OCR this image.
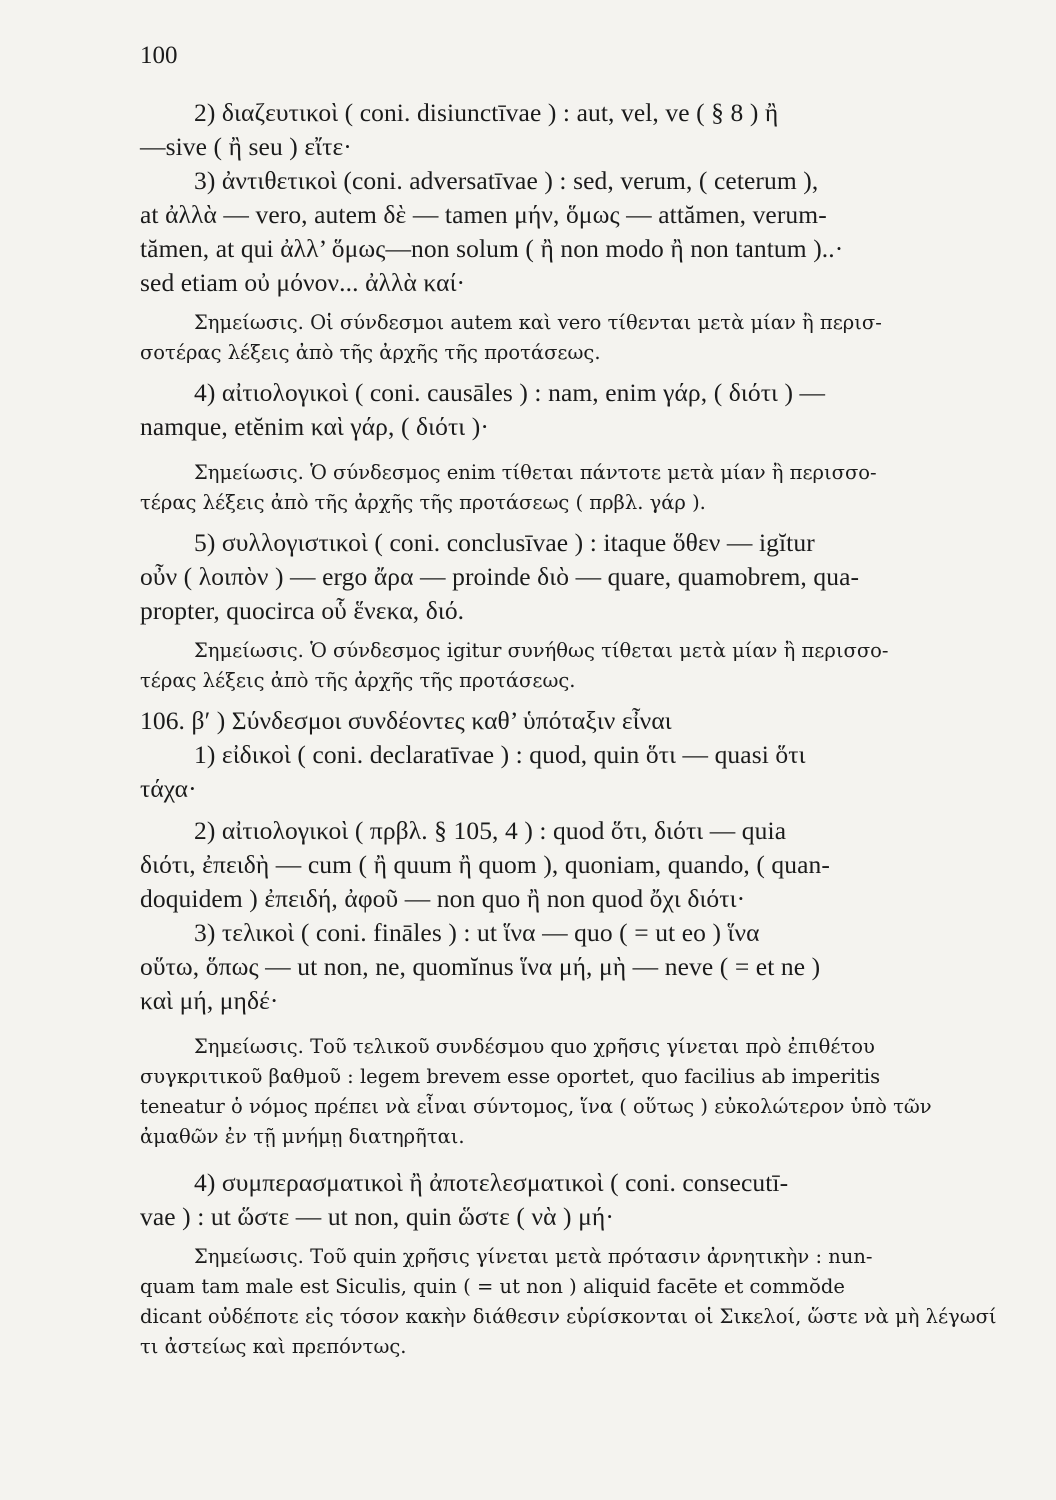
100
2) διαζευτικοὶ ( coni. disiunctīvae ) : aut, vel, ve ( § 8 ) ἢ
—sive ( ἢ seu ) εἴτε·
3) ἀντιθετικοὶ (coni. adversatīvae ) : sed, verum, ( ceterum ),
at ἀλλὰ — vero, autem δὲ — tamen μήν, ὅμως — attămen, verum-
tămen, at qui ἀλλ’ ὅμως—non solum ( ἢ non modo ἢ non tantum )..·
sed etiam οὐ μόνον... ἀλλὰ καί·
Σημείωσις. Οἱ σύνδεσμοι autem καὶ vero τίθενται μετὰ μίαν ἢ περισ-
σοτέρας λέξεις ἀπὸ τῆς ἀρχῆς τῆς προτάσεως.
4) αἰτιολογικοὶ ( coni. causāles ) : nam, enim γάρ, ( διότι ) —
namque, etĕnim καὶ γάρ, ( διότι )·
Σημείωσις. Ὁ σύνδεσμος enim τίθεται πάντοτε μετὰ μίαν ἢ περισσο-
τέρας λέξεις ἀπὸ τῆς ἀρχῆς τῆς προτάσεως ( πρβλ. γάρ ).
5) συλλογιστικοὶ ( coni. conclusīvae ) : itaque ὅθεν — igĭtur
οὖν ( λοιπὸν ) — ergo ἄρα — proinde διὸ — quare, quamobrem, qua-
propter, quocirca οὗ ἕνεκα, διό.
Σημείωσις. Ὁ σύνδεσμος igitur συνήθως τίθεται μετὰ μίαν ἢ περισσο-
τέρας λέξεις ἀπὸ τῆς ἀρχῆς τῆς προτάσεως.
106. β′ ) Σύνδεσμοι συνδέοντες καθ’ ὑπόταξιν εἶναι
1) εἰδικοὶ ( coni. declaratīvae ) : quod, quin ὅτι — quasi ὅτι
τάχα·
2) αἰτιολογικοὶ ( πρβλ. § 105, 4 ) : quod ὅτι, διότι — quia
διότι, ἐπειδὴ — cum ( ἢ quum ἢ quom ), quoniam, quando, ( quan-
doquidem ) ἐπειδή, ἀφοῦ — non quo ἢ non quod ὄχι διότι·
3) τελικοὶ ( coni. fināles ) : ut ἵνα — quo ( = ut eo ) ἵνα
οὕτω, ὅπως — ut non, ne, quomĭnus ἵνα μή, μὴ — neve ( = et ne )
καὶ μή, μηδέ·
Σημείωσις. Τοῦ τελικοῦ συνδέσμου quo χρῆσις γίνεται πρὸ ἐπιθέτου
συγκριτικοῦ βαθμοῦ : legem brevem esse oportet, quo facilius ab imperitis
teneatur ὁ νόμος πρέπει νὰ εἶναι σύντομος, ἵνα ( οὕτως ) εὐκολώτερον ὑπὸ τῶν
ἀμαθῶν ἐν τῇ μνήμῃ διατηρῆται.
4) συμπερασματικοὶ ἢ ἀποτελεσματικοὶ ( coni. consecutī-
vae ) : ut ὥστε — ut non, quin ὥστε ( νὰ ) μή·
Σημείωσις. Τοῦ quin χρῆσις γίνεται μετὰ πρότασιν ἀρνητικὴν : nun-
quam tam male est Siculis, quin ( = ut non ) aliquid facēte et commŏde
dicant οὐδέποτε εἰς τόσον κακὴν διάθεσιν εὑρίσκονται οἱ Σικελοί, ὥστε νὰ μὴ λέγωσί
τι ἀστείως καὶ πρεπόντως.
